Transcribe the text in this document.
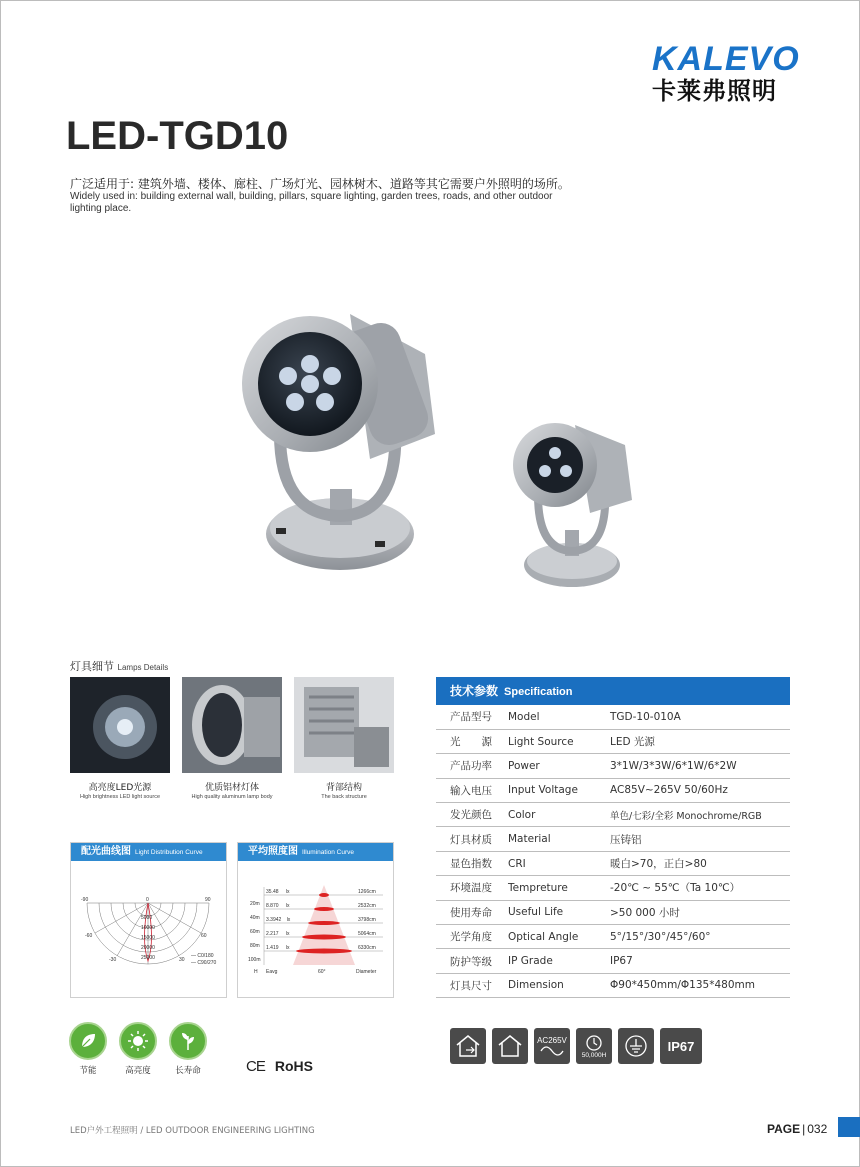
KALEVO
卡莱弗照明
LED-TGD10
广泛适用于: 建筑外墙、楼体、廊柱、广场灯光、园林树木、道路等其它需要户外照明的场所。
Widely used in: building external wall, building, pillars, square lighting, garden trees, roads, and other outdoor lighting place.
灯具细节 Lamps Details
高亮度LED光源
High brightness LED light source
优质铝材灯体
High quality aluminum lamp body
背部结构
The back structure
配光曲线图 Light Distribution Curve
0
-90	90
-60	60
-30	30
5000
10000
15000
20000
25000	— C0/180
— C90/270
平均照度图 Illumination Curve
20m
40m
60m
80m
100m
35.48 lx
8.870 lx
3.3942 lx
2.217 lx
1.419 lx
1266cm
2532cm
3798cm
5064cm
6330cm
H Eavg	60°	Diameter
技术参数 Specification
产品型号	Model	TGD-10-010A
光　　源	Light Source	LED 光源
产品功率	Power	3*1W/3*3W/6*1W/6*2W
输入电压	Input Voltage	AC85V~265V 50/60Hz
发光颜色	Color	单色/七彩/全彩 Monochrome/RGB
灯具材质	Material	压铸铝
显色指数	CRI	暖白>70，正白>80
环境温度	Tempreture	-20℃ ~ 55℃（Ta 10℃）
使用寿命	Useful Life	>50 000 小时
光学角度	Optical Angle	5°/15°/30°/45°/60°
防护等级	IP Grade	IP67
灯具尺寸	Dimension	Φ90*450mm/Φ135*480mm
AC265V
50,000H
IP67
节能	高亮度	长寿命	CE RoHS
LED户外工程照明 / LED OUTDOOR ENGINEERING LIGHTING	PAGE | 032
